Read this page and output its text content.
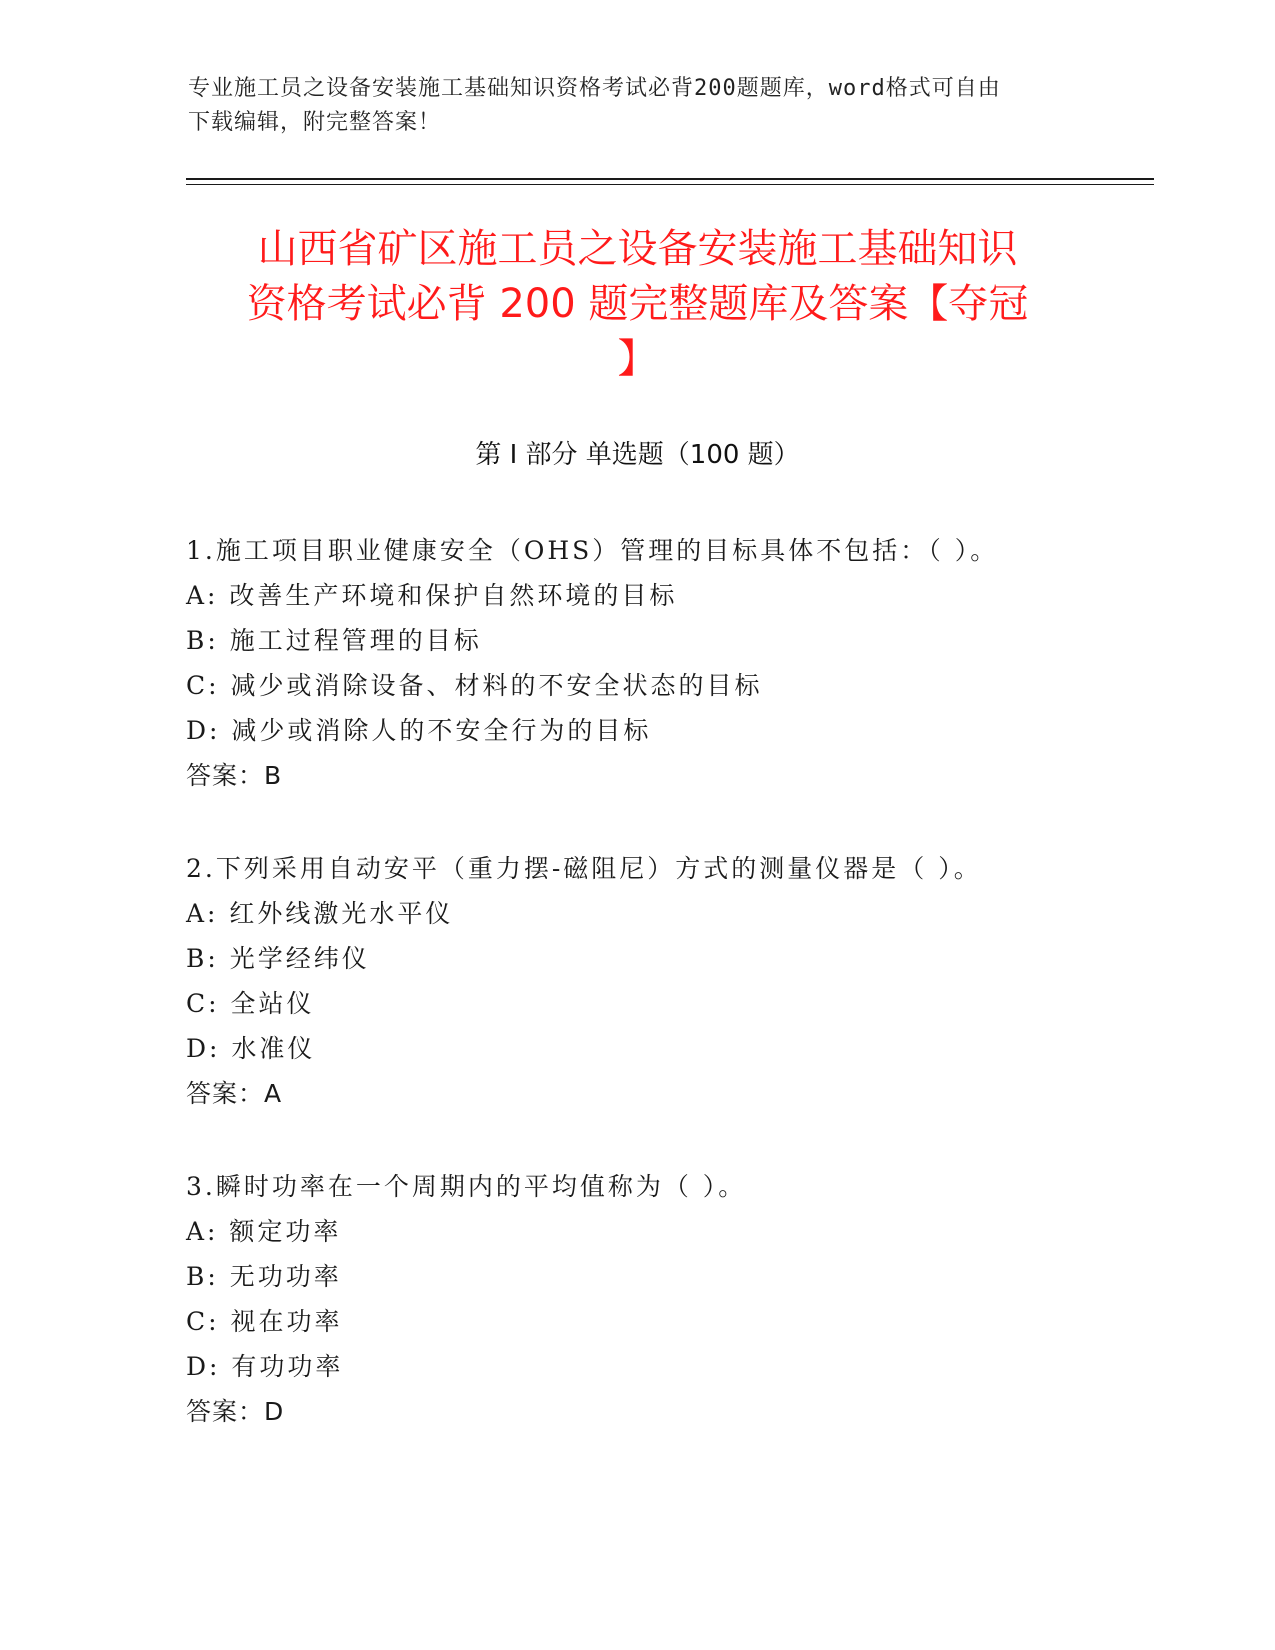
专业施工员之设备安装施工基础知识资格考试必背200题题库，word格式可自由
下载编辑，附完整答案！
山西省矿区施工员之设备安装施工基础知识
资格考试必背 200 题完整题库及答案【夺冠
】
第 I 部分 单选题（100 题）
1.施工项目职业健康安全（OHS）管理的目标具体不包括：（ ）。
A: 改善生产环境和保护自然环境的目标
B: 施工过程管理的目标
C: 减少或消除设备、材料的不安全状态的目标
D: 减少或消除人的不安全行为的目标
答案：B
2.下列采用自动安平（重力摆-磁阻尼）方式的测量仪器是（ ）。
A: 红外线激光水平仪
B: 光学经纬仪
C: 全站仪
D: 水准仪
答案：A
3.瞬时功率在一个周期内的平均值称为（ ）。
A: 额定功率
B: 无功功率
C: 视在功率
D: 有功功率
答案：D
